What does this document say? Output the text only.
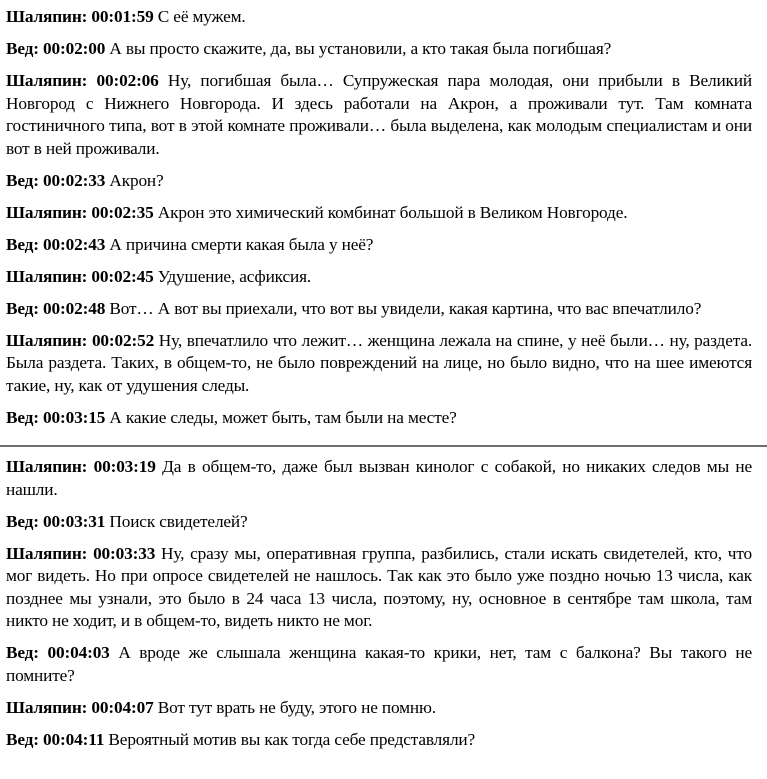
Шаляпин: 00:01:59 С её мужем.

Вед: 00:02:00 А вы просто скажите, да, вы установили, а кто такая была погибшая?

Шаляпин: 00:02:06 Ну, погибшая была… Супружеская пара молодая, они прибыли в Великий Новгород с Нижнего Новгорода. И здесь работали на Акрон, а проживали тут. Там комната гостиничного типа, вот в этой комнате проживали… была выделена, как молодым специалистам и они вот в ней проживали.

Вед: 00:02:33 Акрон?

Шаляпин: 00:02:35 Акрон это химический комбинат большой в Великом Новгороде.

Вед: 00:02:43 А причина смерти какая была у неё?

Шаляпин: 00:02:45 Удушение, асфиксия.

Вед: 00:02:48 Вот… А вот вы приехали, что вот вы увидели, какая картина, что вас впечатлило?

Шаляпин: 00:02:52 Ну, впечатлило что лежит… женщина лежала на спине, у неё были… ну, раздета. Была раздета. Таких, в общем-то, не было повреждений на лице, но было видно, что на шее имеются такие, ну, как от удушения следы.

Вед: 00:03:15 А какие следы, может быть, там были на месте?

Шаляпин: 00:03:19 Да в общем-то, даже был вызван кинолог с собакой, но никаких следов мы не нашли.

Вед: 00:03:31 Поиск свидетелей?

Шаляпин: 00:03:33 Ну, сразу мы, оперативная группа, разбились, стали искать свидетелей, кто, что мог видеть. Но при опросе свидетелей не нашлось. Так как это было уже поздно ночью 13 числа, как позднее мы узнали, это было в 24 часа 13 числа, поэтому, ну, основное в сентябре там школа, там никто не ходит, и в общем-то, видеть никто не мог.

Вед: 00:04:03 А вроде же слышала женщина какая-то крики, нет, там с балкона? Вы такого не помните?

Шаляпин: 00:04:07 Вот тут врать не буду, этого не помню.

Вед: 00:04:11 Вероятный мотив вы как тогда себе представляли?
